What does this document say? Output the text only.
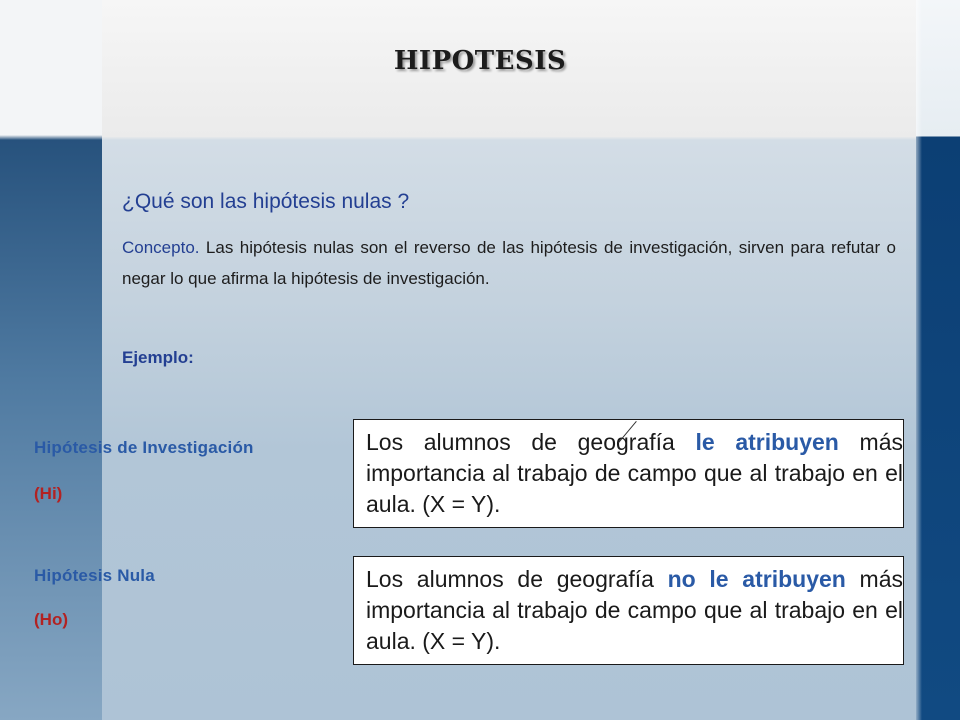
HIPOTESIS
¿Qué son las hipótesis nulas ?
Concepto. Las hipótesis nulas son el reverso de las hipótesis de investigación, sirven para refutar o negar lo que afirma la hipótesis de investigación.
Ejemplo:
Hipótesis de Investigación
(Hi)
Los alumnos de geografía le atribuyen más importancia al trabajo de campo que al trabajo en el aula. (X = Y).
Hipótesis Nula
(Ho)
Los alumnos de geografía no le atribuyen más importancia al trabajo de campo que al trabajo en el aula. (X = Y).
